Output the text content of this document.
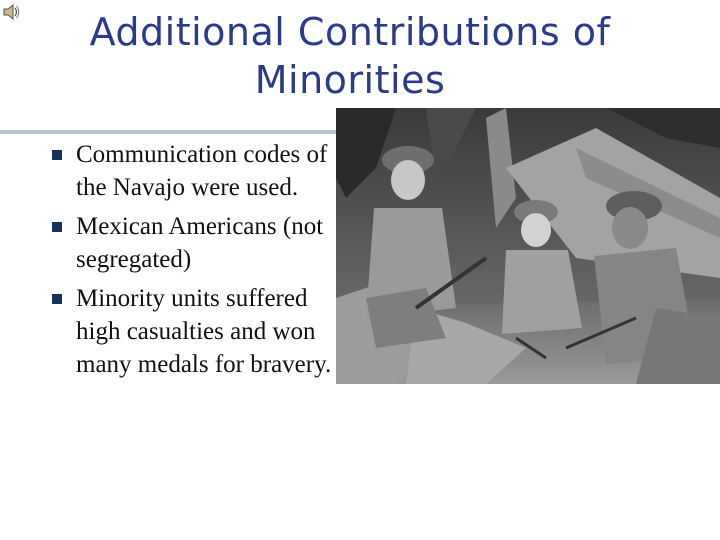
Additional Contributions of
Minorities
Communication codes of the Navajo were used.
Mexican Americans (not segregated)
Minority units suffered high casualties and won many medals for bravery.
